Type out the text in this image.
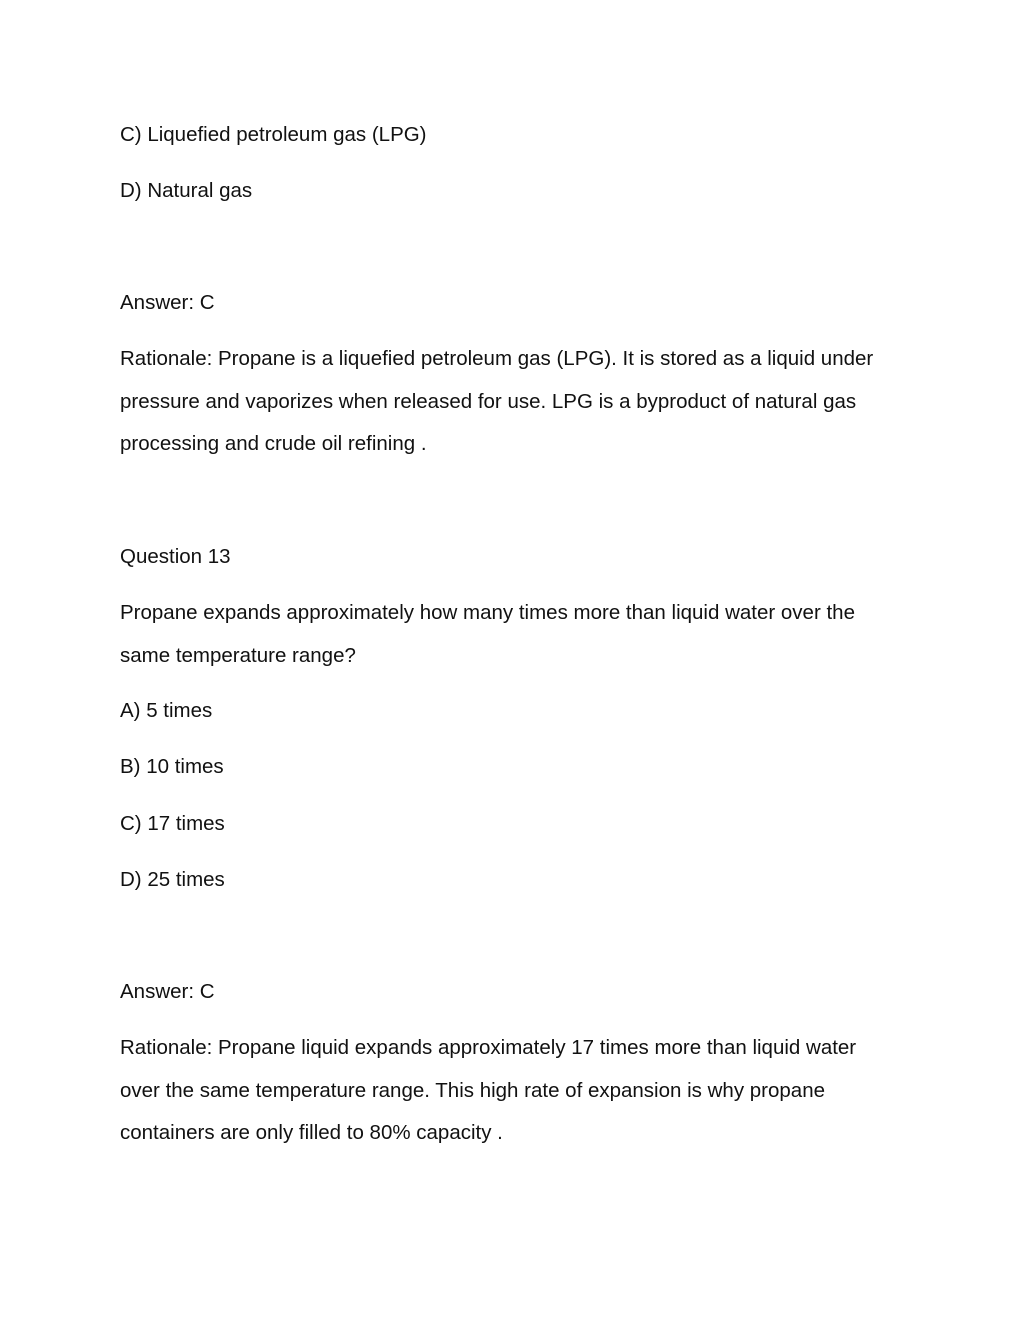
C) Liquefied petroleum gas (LPG)

D) Natural gas

Answer: C

Rationale: Propane is a liquefied petroleum gas (LPG). It is stored as a liquid under

pressure and vaporizes when released for use. LPG is a byproduct of natural gas

processing and crude oil refining .

Question 13

Propane expands approximately how many times more than liquid water over the

same temperature range?

A) 5 times

B) 10 times

C) 17 times

D) 25 times

Answer: C

Rationale: Propane liquid expands approximately 17 times more than liquid water

over the same temperature range. This high rate of expansion is why propane

containers are only filled to 80% capacity .
